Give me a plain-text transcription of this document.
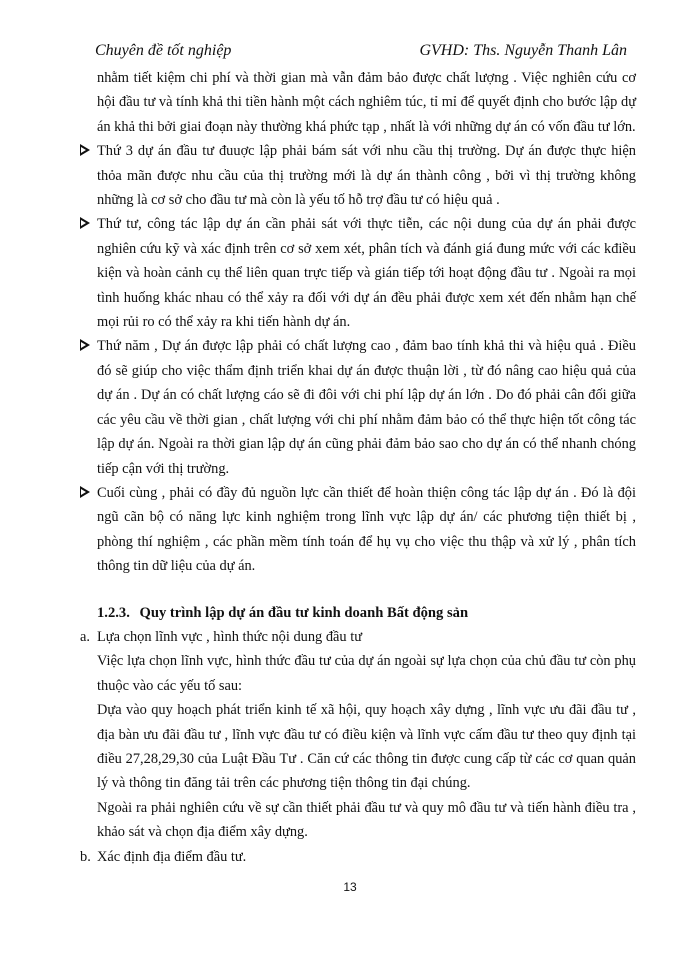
Chuyên đề tốt nghiệp	GVHD: Ths. Nguyễn Thanh Lân

nhằm tiết kiệm chi phí và thời gian mà vẫn đảm bảo được chất lượng . Việc nghiên cứu cơ hội đầu tư và tính khả thi tiền hành một cách nghiêm túc, tỉ mỉ để quyết định cho bước lập dự án khả thi bởi giai đoạn này thường khá phức tạp , nhất là với những dự án có vốn đầu tư lớn.

Thứ 3 dự án đầu tư đuuợc lập phải bám sát với nhu cầu thị trường. Dự án được thực hiện thỏa mãn được nhu cầu của thị trường mới là dự án thành công , bởi vì thị trường không những là cơ sở cho đầu tư mà còn là yếu tố hỗ trợ đầu tư có hiệu quả .

Thứ tư, công tác lập dự án cần phải sát với thực tiễn, các nội dung của dự án phải được nghiên cứu kỹ và xác định trên cơ sở xem xét, phân tích và đánh giá đung mức với các kđiều kiện và hoàn cảnh cụ thể liên quan trực tiếp và gián tiếp tới hoạt động đầu tư . Ngoài ra mọi tình huống khác nhau có thể xảy ra đối với dự án đều phải được xem xét đến nhằm hạn chế mọi rủi ro có thể xảy ra khi tiến hành dự án.

Thứ năm , Dự án được lập phải có chất lượng cao , đảm bao tính khả thi và hiệu quả . Điều đó sẽ giúp cho việc thẩm định triển khai dự án được thuận lời , từ đó nâng cao hiệu quả của dự án . Dự án có chất lượng cáo sẽ đi đôi với chi phí lập dự án lớn . Do đó phải cân đối giữa các yêu cầu về thời gian , chất lượng với chi phí nhằm đảm bảo có thể thực hiện tốt công tác lập dự án. Ngoài ra thời gian lập dự án cũng phải đảm bảo sao cho dự án có thể nhanh chóng tiếp cận với thị trường.

Cuối cùng , phải có đầy đủ nguồn lực cần thiết để hoàn thiện công tác lập dự án . Đó là đội ngũ cãn bộ có năng lực kinh nghiệm trong lĩnh vực lập dự án/ các phương tiện thiết bị , phòng thí nghiệm , các phần mềm tính toán để hụ vụ cho việc thu thập và xử lý , phân tích thông tin dữ liệu của dự án.

1.2.3. Quy trình lập dự án đầu tư kinh doanh Bất động sản
a. Lựa chọn lĩnh vực , hình thức nội dung đầu tư

Việc lựa chọn lĩnh vực, hình thức đầu tư của dự án ngoài sự lựa chọn của chủ đầu tư còn phụ thuộc vào các yếu tố sau:

Dựa vào quy hoạch phát triển kinh tế xã hội, quy hoạch xây dựng , lĩnh vực ưu đãi đầu tư , địa bàn ưu đãi đầu tư , lĩnh vực đầu tư có điều kiện và lĩnh vực cấm đầu tư theo quy định tại điều 27,28,29,30 của Luật Đầu Tư . Căn cứ các thông tin được cung cấp từ các cơ quan quản lý và thông tin đăng tải trên các phương tiện thông tin đại chúng.

Ngoài ra phải nghiên cứu về sự cần thiết phải đầu tư và quy mô đầu tư và tiến hành điều tra , khảo sát và chọn địa điểm xây dựng.

b. Xác định địa điểm đầu tư.
13
